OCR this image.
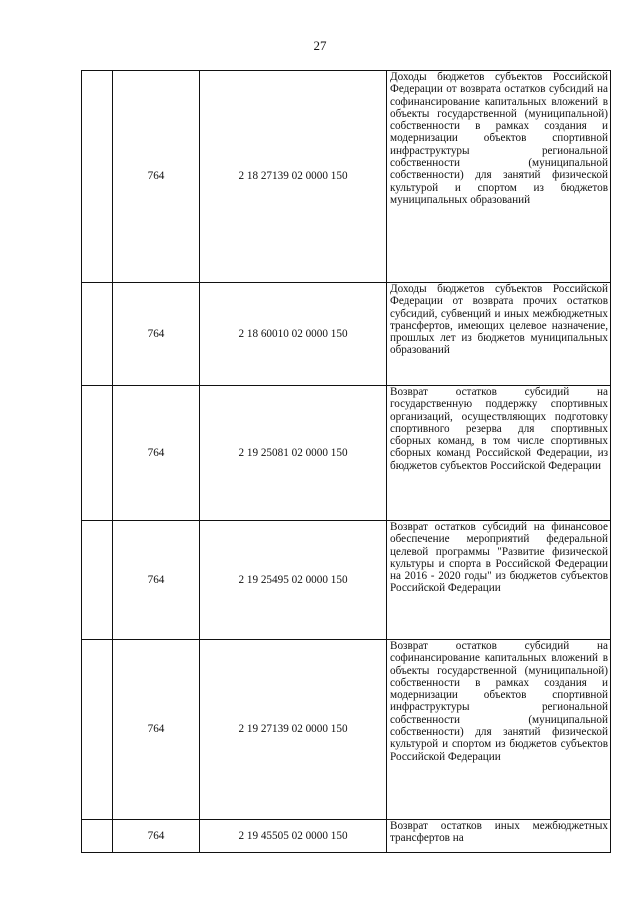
27
	764	2 18 27139 02 0000 150	Доходы бюджетов субъектов Российской Федерации от возврата остатков субсидий на софинансирование капитальных вложений в объекты государственной (муниципальной) собственности в рамках создания и модернизации объектов спортивной инфраструктуры региональной собственности (муниципальной собственности) для занятий физической культурой и спортом из бюджетов муниципальных образований

	764	2 18 60010 02 0000 150	Доходы бюджетов субъектов Российской Федерации от возврата прочих остатков субсидий, субвенций и иных межбюджетных трансфертов, имеющих целевое назначение, прошлых лет из бюджетов муниципальных образований

	764	2 19 25081 02 0000 150	Возврат остатков субсидий на государственную поддержку спортивных организаций, осуществляющих подготовку спортивного резерва для спортивных сборных команд, в том числе спортивных сборных команд Российской Федерации, из бюджетов субъектов Российской Федерации

	764	2 19 25495 02 0000 150	Возврат остатков субсидий на финансовое обеспечение мероприятий федеральной целевой программы "Развитие физической культуры и спорта в Российской Федерации на 2016 - 2020 годы" из бюджетов субъектов Российской Федерации

	764	2 19 27139 02 0000 150	Возврат остатков субсидий на софинансирование капитальных вложений в объекты государственной (муниципальной) собственности в рамках создания и модернизации объектов спортивной инфраструктуры региональной собственности (муниципальной собственности) для занятий физической культурой и спортом из бюджетов субъектов Российской Федерации

	764	2 19 45505 02 0000 150	Возврат остатков иных межбюджетных трансфертов на
